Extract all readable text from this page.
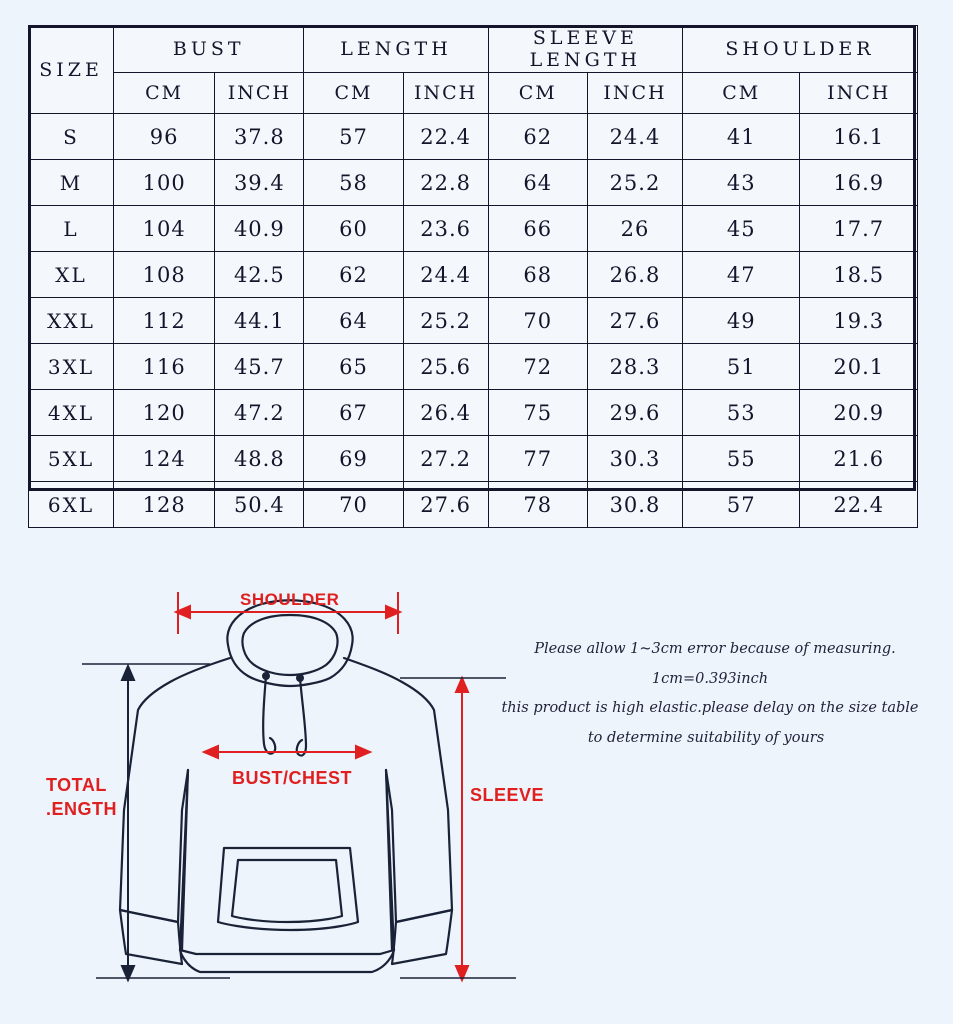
SIZE	BUST		LENGTH		SLEEVE LENGTH		SHOULDER	
	CM	INCH	CM	INCH	CM	INCH	CM	INCH
S	96	37.8	57	22.4	62	24.4	41	16.1
M	100	39.4	58	22.8	64	25.2	43	16.9
L	104	40.9	60	23.6	66	26	45	17.7
XL	108	42.5	62	24.4	68	26.8	47	18.5
XXL	112	44.1	64	25.2	70	27.6	49	19.3
3XL	116	45.7	65	25.6	72	28.3	51	20.1
4XL	120	47.2	67	26.4	75	29.6	53	20.9
5XL	124	48.8	69	27.2	77	30.3	55	21.6
6XL	128	50.4	70	27.6	78	30.8	57	22.4
SHOULDER
BUST/CHEST
SLEEVE
TOTAL
.ENGTH
Please allow 1~3cm error because of measuring.
1cm=0.393inch
this product is high elastic.please delay on the size table
to determine suitability of yours
